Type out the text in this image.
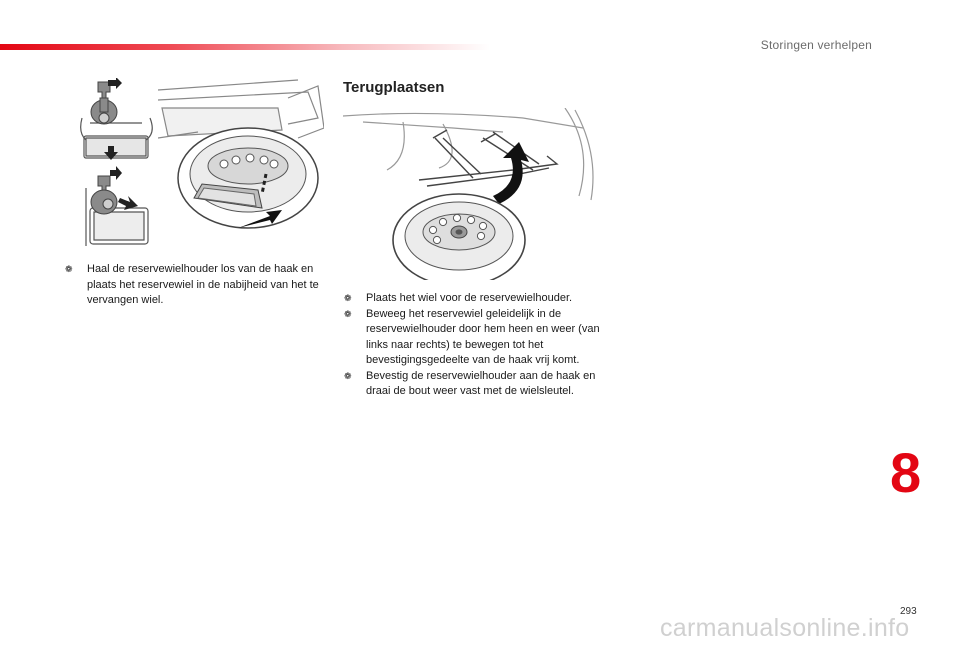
Storingen verhelpen
❁ Haal de reservewielhouder los van de haak en plaats het reservewiel in de nabijheid van het te vervangen wiel.
Terugplaatsen
❁ Plaats het wiel voor de reservewielhouder.
❁ Beweeg het reservewiel geleidelijk in de reservewielhouder door hem heen en weer (van links naar rechts) te bewegen tot het bevestigingsgedeelte van de haak vrij komt.
❁ Bevestig de reservewielhouder aan de haak en draai de bout weer vast met de wielsleutel.
8
293
carmanualsonline.info
